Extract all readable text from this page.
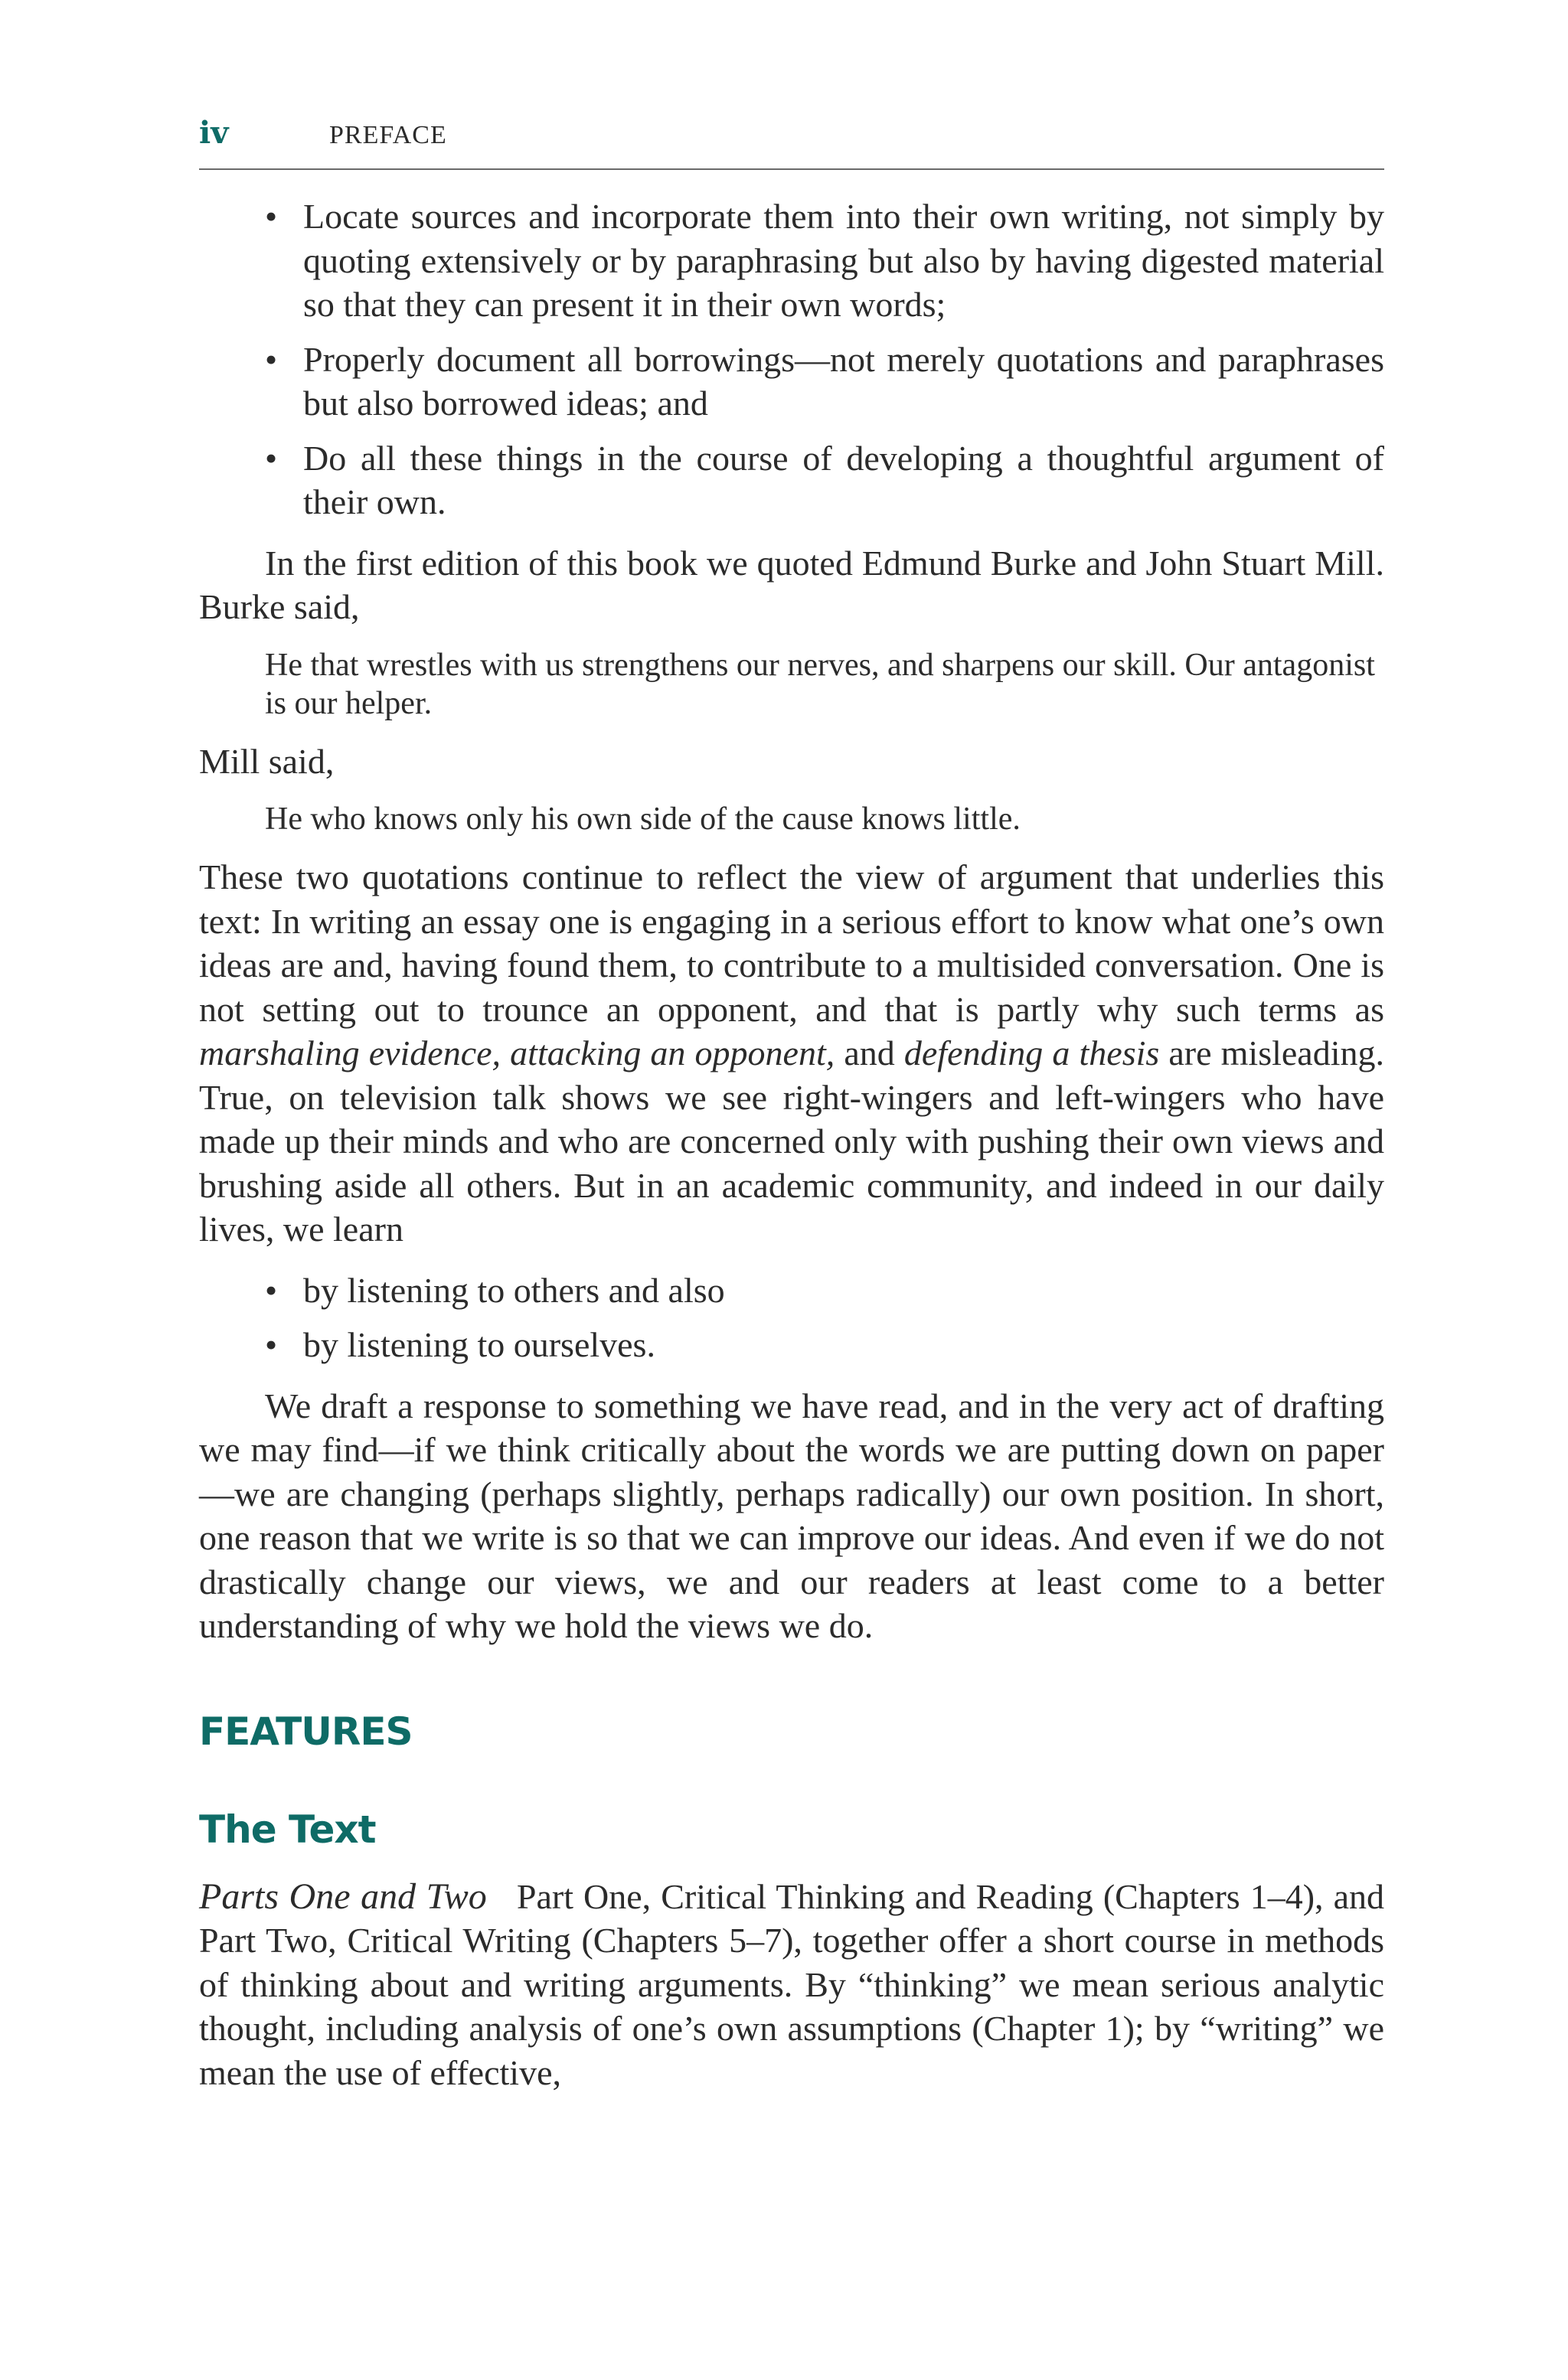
iv	PREFACE
• Locate sources and incorporate them into their own writing, not simply by quoting extensively or by paraphrasing but also by having digested material so that they can present it in their own words;
• Properly document all borrowings—not merely quotations and paraphrases but also borrowed ideas; and
• Do all these things in the course of developing a thoughtful argument of their own.

In the first edition of this book we quoted Edmund Burke and John Stuart Mill. Burke said,

He that wrestles with us strengthens our nerves, and sharpens our skill. Our antagonist is our helper.

Mill said,

He who knows only his own side of the cause knows little.

These two quotations continue to reflect the view of argument that underlies this text: In writing an essay one is engaging in a serious effort to know what one’s own ideas are and, having found them, to contribute to a multisided conversation. One is not setting out to trounce an opponent, and that is partly why such terms as marshaling evidence, attacking an opponent, and defending a thesis are misleading. True, on television talk shows we see right-wingers and left-wingers who have made up their minds and who are concerned only with pushing their own views and brushing aside all others. But in an academic community, and indeed in our daily lives, we learn

• by listening to others and also
• by listening to ourselves.

We draft a response to something we have read, and in the very act of drafting we may find—if we think critically about the words we are putting down on paper—we are changing (perhaps slightly, perhaps radically) our own position. In short, one reason that we write is so that we can improve our ideas. And even if we do not drastically change our views, we and our readers at least come to a better understanding of why we hold the views we do.

FEATURES
The Text

Parts One and Two Part One, Critical Thinking and Reading (Chapters 1–4), and Part Two, Critical Writing (Chapters 5–7), together offer a short course in methods of thinking about and writing arguments. By “thinking” we mean serious analytic thought, including analysis of one’s own assumptions (Chapter 1); by “writing” we mean the use of effective,
